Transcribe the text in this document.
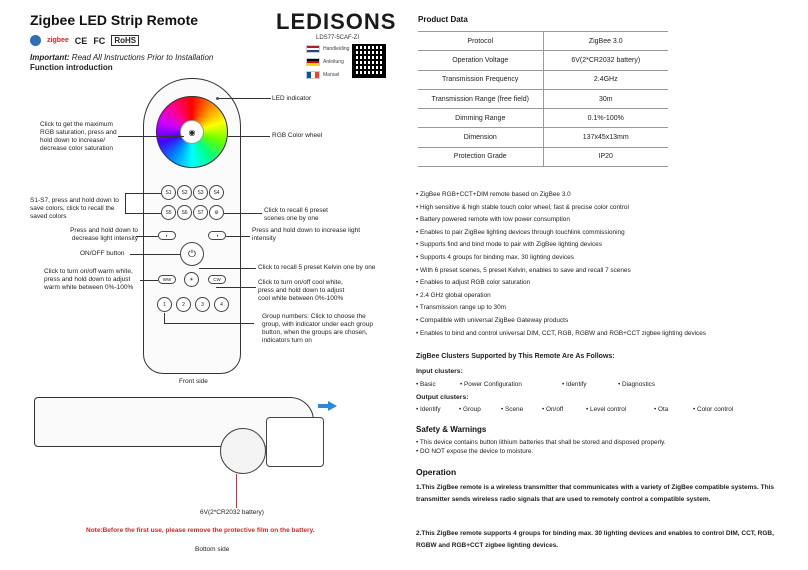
Zigbee LED Strip Remote	LEDISONS
LDS77-5CAF-ZI
Handleiding
Anleitung
Manuel
zigbee CE FC	RoHS
Important: Read All Instructions Prior to Installation
Function introduction
◉
S1	S2	S3	S4
S5	S6	S7	⚙
◐	◑
⏻
WW	☀	CW
1	2	3	4
LED indicator
RGB Color wheel
Click to get the maximum RGB saturation, press and hold down to increase/ decrease color saturation
S1-S7, press and hold down to save colors, click to recall the saved colors
Click to recall 6 preset scenes one by one
Press and hold down to decrease light intensity
Press and hold down to increase light intensity
ON/OFF button
Click to recall 5 preset Kelvin one by one
Click to turn on/off warm white, press and hold down to adjust warm white between 0%-100%
Click to turn on/off cool white, press and hold down to adjust cool white between 0%-100%
Group numbers: Click to choose the group, with indicator under each group button, when the groups are chosen, indicators turn on
Front side
6V(2*CR2032 battery)
Note:Before the first use, please remove the protective film on the battery.
Bottom side
Product Data
Protocol	ZigBee 3.0
Operation Voltage	6V(2*CR2032 battery)
Transmission Frequency	2.4GHz
Transmission Range (free field)	30m
Dimming Range	0.1%-100%
Dimension	137x45x13mm
Protection Grade	IP20
• ZigBee RGB+CCT+DIM remote based on ZigBee 3.0
• High sensitive & high stable touch color wheel, fast & precise color control
• Battery powered remote with low power consumption
• Enables to pair ZigBee lighting devices through touchlink commissioning
• Supports find and bind mode to pair with ZigBee lighting devices
• Supports 4 groups for binding max. 30 lighting devices
• With 6 preset scenes, 5 preset Kelvin, enables to save and recall 7 scenes
• Enables to adjust RGB color saturation
• 2.4 GHz global operation
• Transmission range up to 30m
• Compatible with universal ZigBee Gateway products
• Enables to bind and control universal DIM, CCT, RGB, RGBW and RGB+CCT zigbee lighting devices
ZigBee Clusters Supported by This Remote Are As Follows:
Input clusters:
• Basic	• Power Configuration	• Identify	• Diagnostics
Output clusters:
• Identify	• Group	• Scene	• On/off	• Level control	• Ota	• Color control
Safety & Warnings
• This device contains button lithium batteries that shall be stored and disposed properly.
• DO NOT expose the device to moisture.
Operation
1.This ZigBee remote is a wireless transmitter that communicates with a variety of ZigBee compatible systems. This transmitter sends wireless radio signals that are used to remotely control a compatible system.
2.This ZigBee remote supports 4 groups for binding max. 30 lighting devices and enables to control DIM, CCT, RGB, RGBW and RGB+CCT zigbee lighting devices.
